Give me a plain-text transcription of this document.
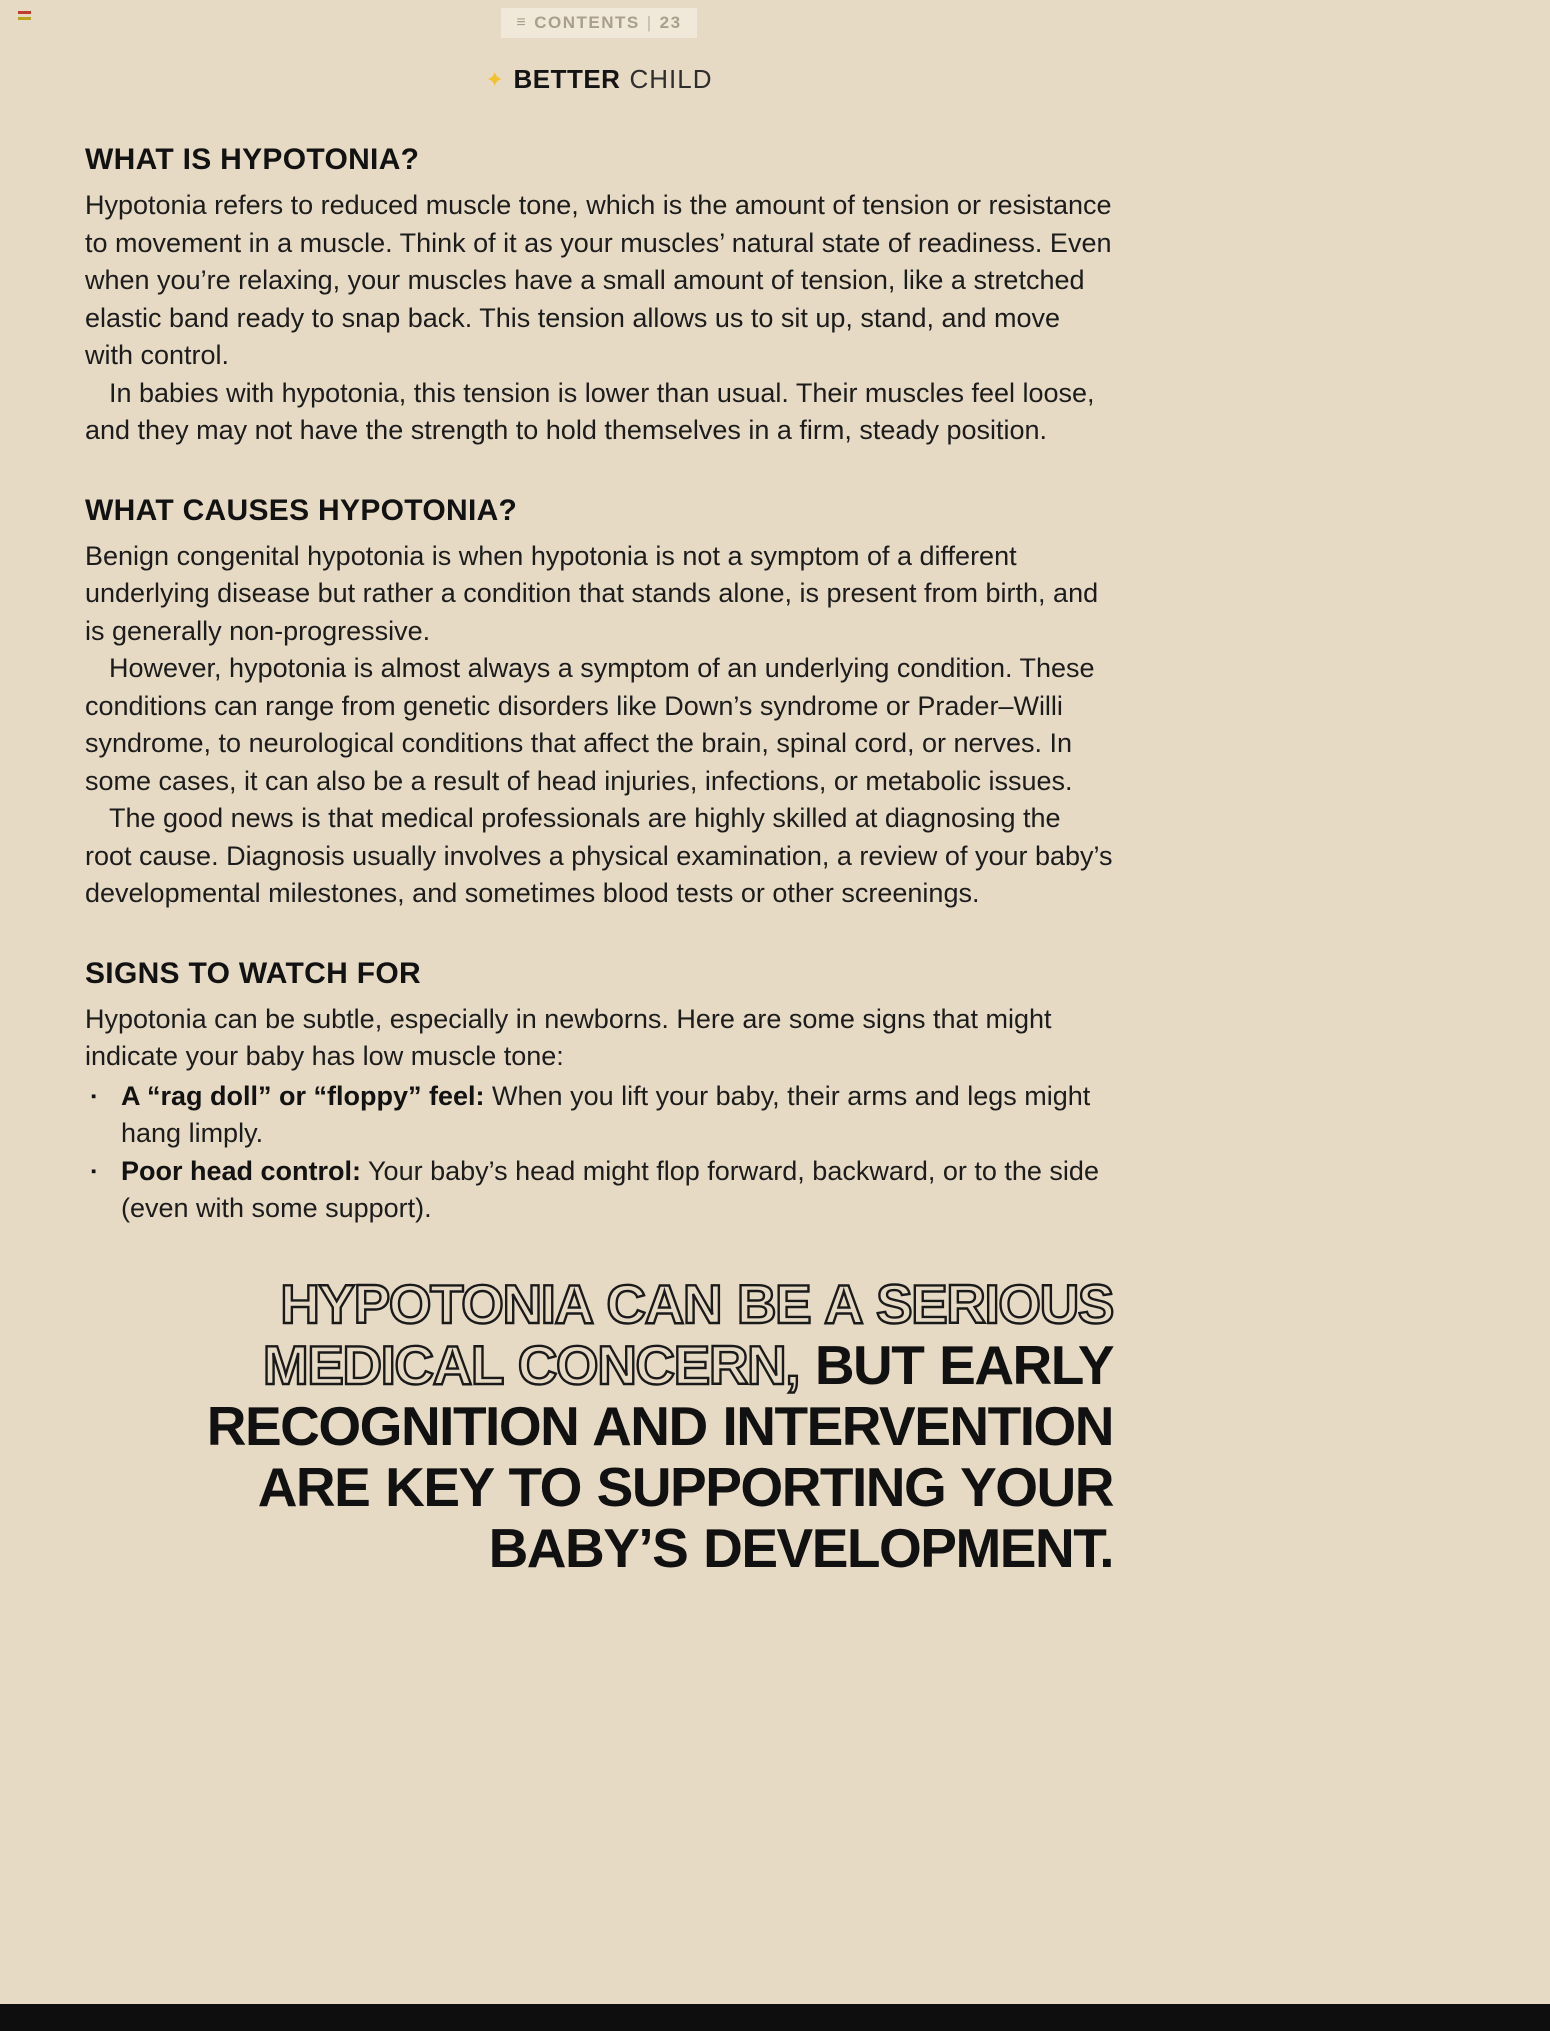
≡ CONTENTS | 23
✦ BETTER CHILD
WHAT IS HYPOTONIA?

Hypotonia refers to reduced muscle tone, which is the amount of tension or resistance to movement in a muscle. Think of it as your muscles’ natural state of readiness. Even when you’re relaxing, your muscles have a small amount of tension, like a stretched elastic band ready to snap back. This tension allows us to sit up, stand, and move with control.

In babies with hypotonia, this tension is lower than usual. Their muscles feel loose, and they may not have the strength to hold themselves in a firm, steady position.

WHAT CAUSES HYPOTONIA?

Benign congenital hypotonia is when hypotonia is not a symptom of a different underlying disease but rather a condition that stands alone, is present from birth, and is generally non-progressive.

However, hypotonia is almost always a symptom of an underlying condition. These conditions can range from genetic disorders like Down’s syndrome or Prader–Willi syndrome, to neurological conditions that affect the brain, spinal cord, or nerves. In some cases, it can also be a result of head injuries, infections, or metabolic issues.

The good news is that medical professionals are highly skilled at diagnosing the root cause. Diagnosis usually involves a physical examination, a review of your baby’s developmental milestones, and sometimes blood tests or other screenings.

SIGNS TO WATCH FOR

Hypotonia can be subtle, especially in newborns. Here are some signs that might indicate your baby has low muscle tone:

▪ A “rag doll” or “floppy” feel: When you lift your baby, their arms and legs might hang limply.

▪ Poor head control: Your baby’s head might flop forward, backward, or to the side (even with some support).

HYPOTONIA CAN BE A SERIOUS MEDICAL CONCERN, BUT EARLY RECOGNITION AND INTERVENTION ARE KEY TO SUPPORTING YOUR BABY’S DEVELOPMENT.
